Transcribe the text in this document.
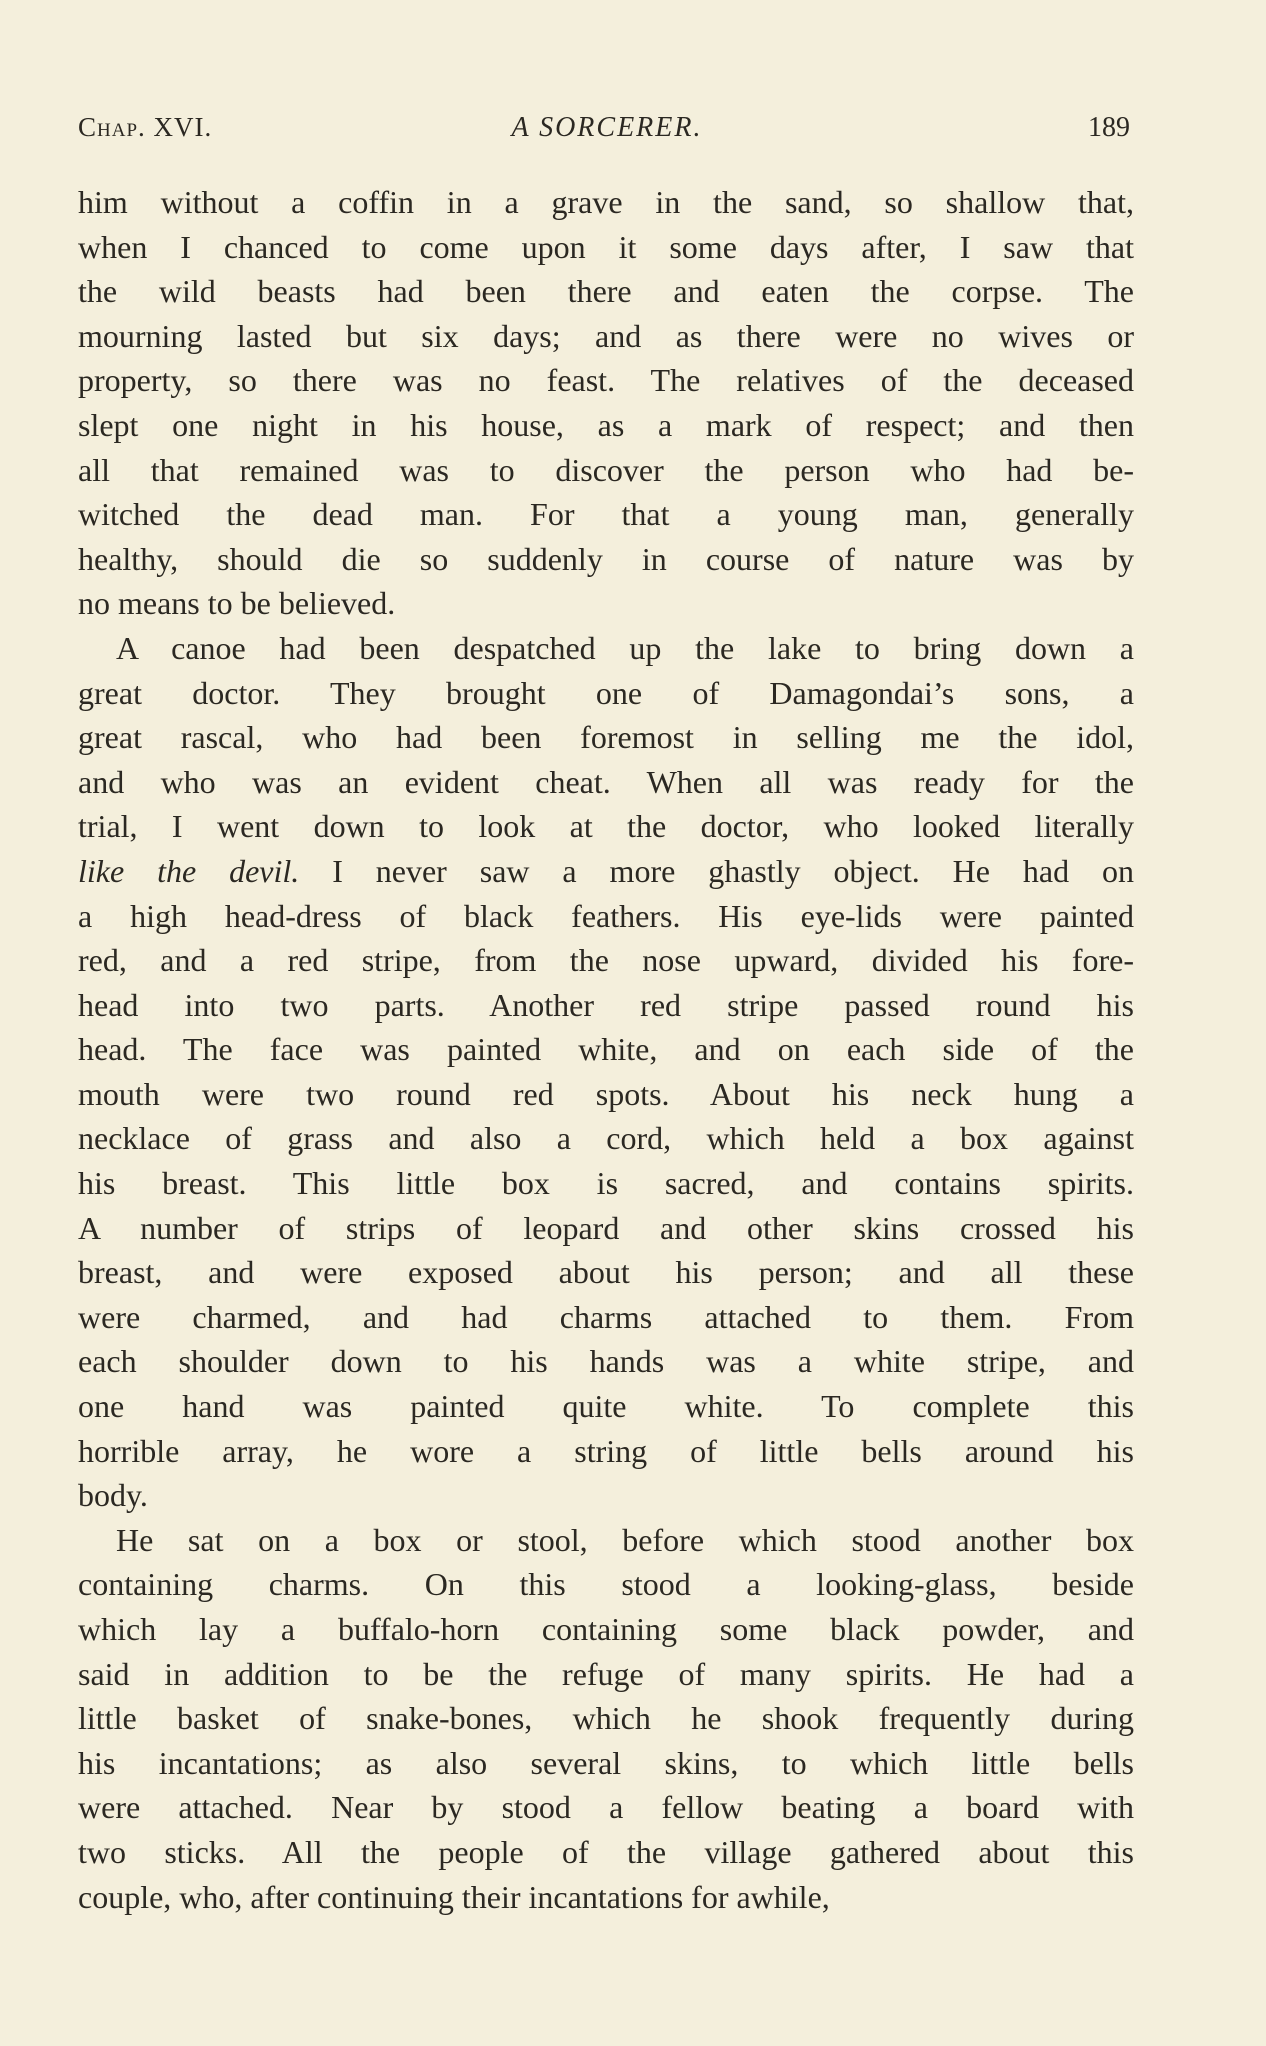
Chap. XVI.	A SORCERER.	189
him without a coffin in a grave in the sand, so shallow that,
when I chanced to come upon it some days after, I saw that
the wild beasts had been there and eaten the corpse. The
mourning lasted but six days; and as there were no wives or
property, so there was no feast. The relatives of the deceased
slept one night in his house, as a mark of respect; and then
all that remained was to discover the person who had be-
witched the dead man. For that a young man, generally
healthy, should die so suddenly in course of nature was by
no means to be believed.
A canoe had been despatched up the lake to bring down a
great doctor. They brought one of Damagondai’s sons, a
great rascal, who had been foremost in selling me the idol,
and who was an evident cheat. When all was ready for the
trial, I went down to look at the doctor, who looked literally
like the devil. I never saw a more ghastly object. He had on
a high head-dress of black feathers. His eye-lids were painted
red, and a red stripe, from the nose upward, divided his fore-
head into two parts. Another red stripe passed round his
head. The face was painted white, and on each side of the
mouth were two round red spots. About his neck hung a
necklace of grass and also a cord, which held a box against
his breast. This little box is sacred, and contains spirits.
A number of strips of leopard and other skins crossed his
breast, and were exposed about his person; and all these
were charmed, and had charms attached to them. From
each shoulder down to his hands was a white stripe, and
one hand was painted quite white. To complete this
horrible array, he wore a string of little bells around his
body.
He sat on a box or stool, before which stood another box
containing charms. On this stood a looking-glass, beside
which lay a buffalo-horn containing some black powder, and
said in addition to be the refuge of many spirits. He had a
little basket of snake-bones, which he shook frequently during
his incantations; as also several skins, to which little bells
were attached. Near by stood a fellow beating a board with
two sticks. All the people of the village gathered about this
couple, who, after continuing their incantations for awhile,
